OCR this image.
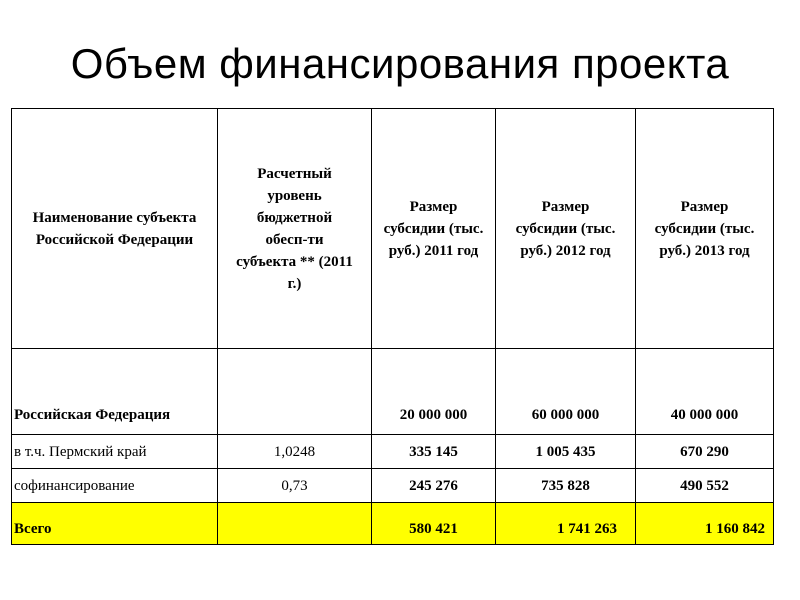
Объем финансирования проекта
Наименование субъекта Российской Федерации	Расчетный уровень бюджетной обесп-ти субъекта ** (2011 г.)	Размер субсидии (тыс. руб.) 2011 год	Размер субсидии (тыс. руб.) 2012 год	Размер субсидии (тыс. руб.) 2013 год

Российская Федерация		20 000 000	60 000 000	40 000 000
в т.ч. Пермский край	1,0248	335 145	1 005 435	670 290
софинансирование	0,73	245 276	735 828	490 552
Всего		580 421	1 741 263	1 160 842
